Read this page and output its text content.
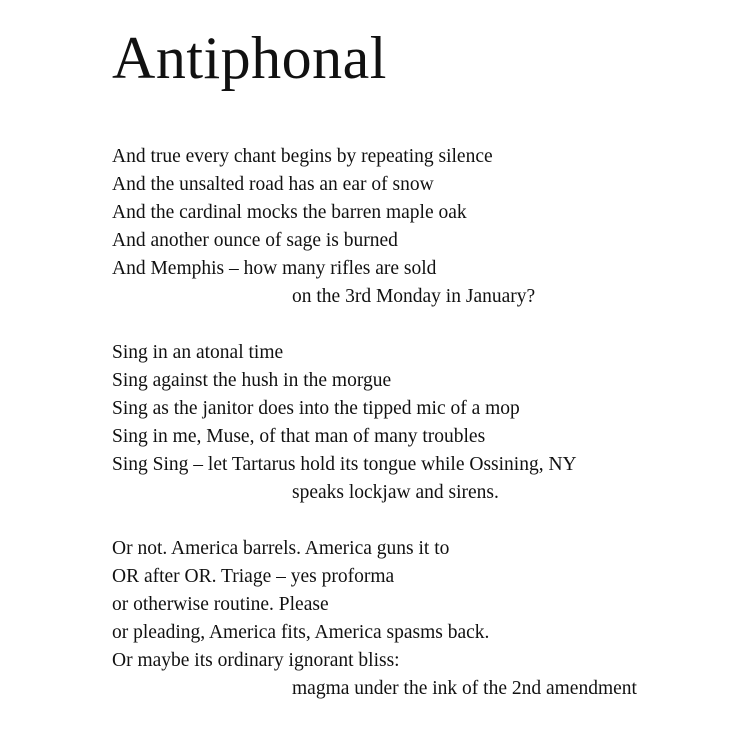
Antiphonal
And true every chant begins by repeating silence
And the unsalted road has an ear of snow
And the cardinal mocks the barren maple oak
And another ounce of sage is burned
And Memphis – how many rifles are sold
on the 3rd Monday in January?
Sing in an atonal time
Sing against the hush in the morgue
Sing as the janitor does into the tipped mic of a mop
Sing in me, Muse, of that man of many troubles
Sing Sing – let Tartarus hold its tongue while Ossining, NY
speaks lockjaw and sirens.
Or not. America barrels. America guns it to
OR after OR. Triage – yes proforma
or otherwise routine. Please
or pleading, America fits, America spasms back.
Or maybe its ordinary ignorant bliss:
magma under the ink of the 2nd amendment
